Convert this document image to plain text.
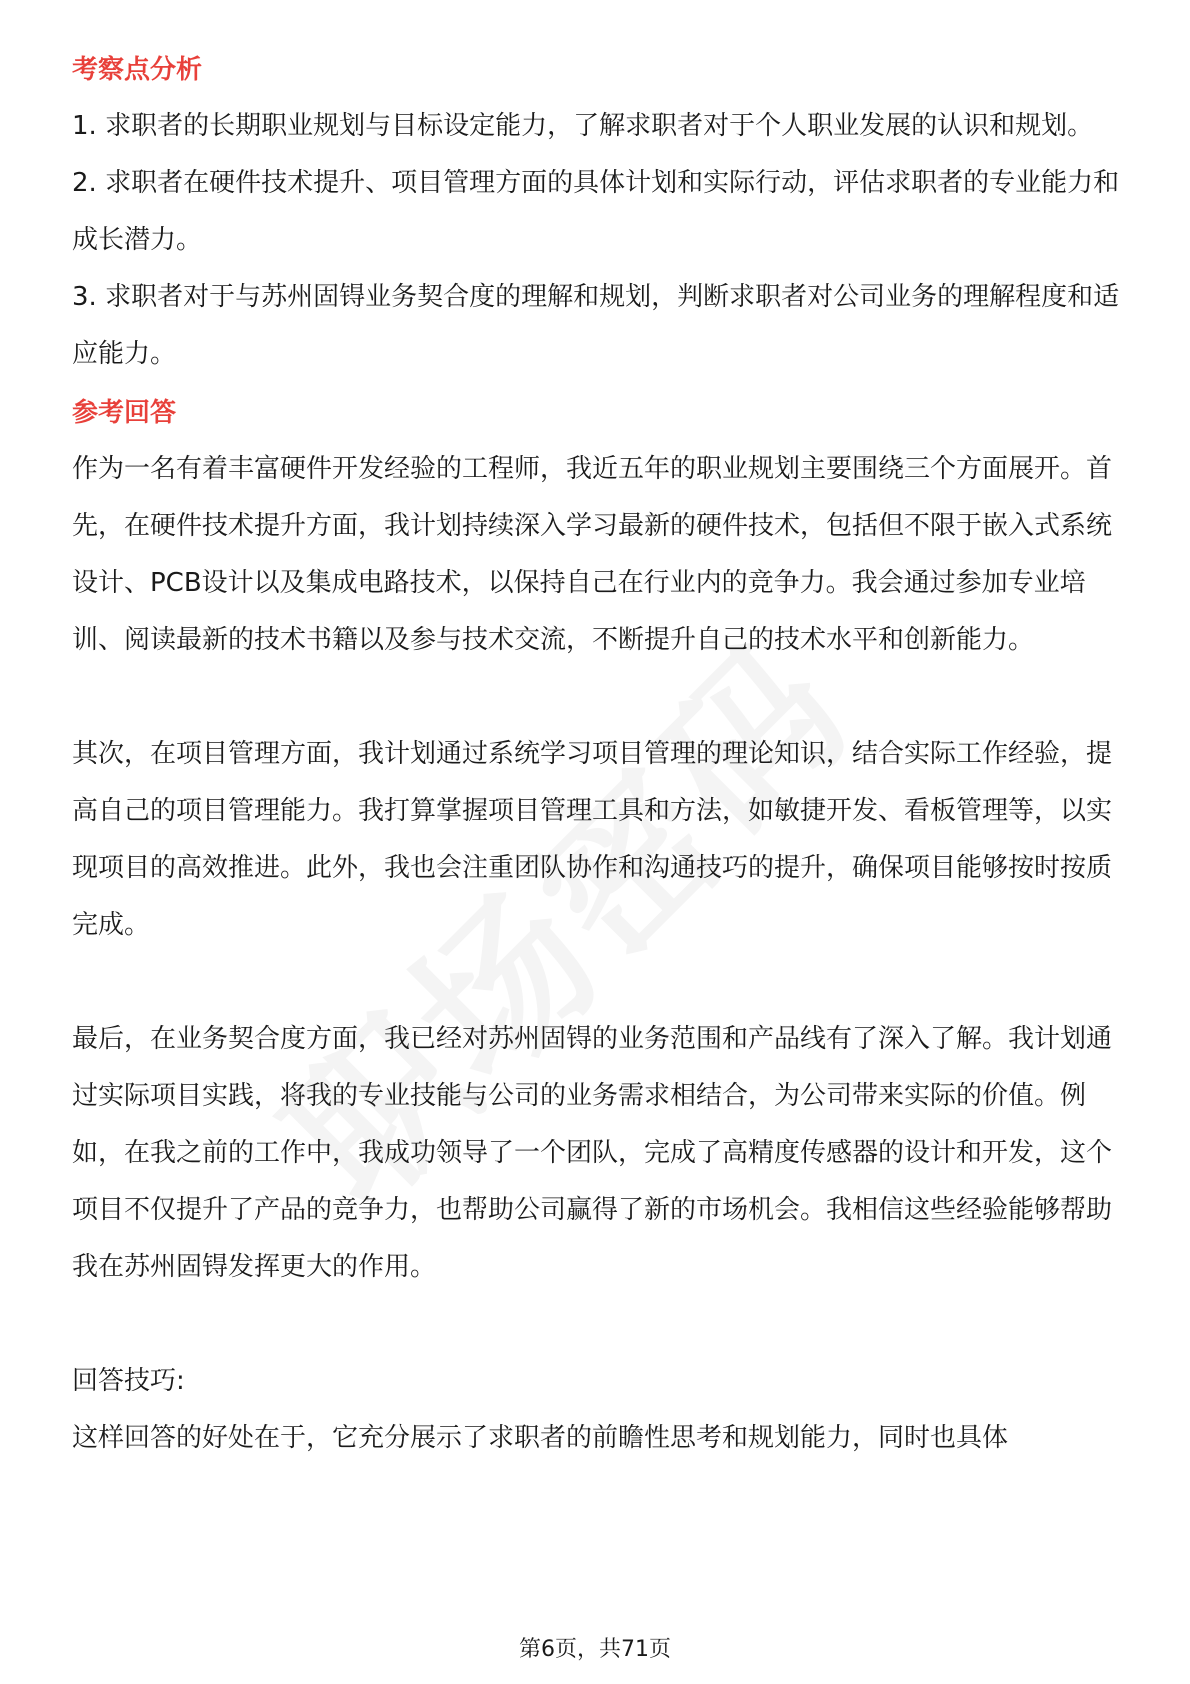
考察点分析

1. 求职者的长期职业规划与目标设定能力，了解求职者对于个人职业发展的认识和规划。

2. 求职者在硬件技术提升、项目管理方面的具体计划和实际行动，评估求职者的专业能力和成长潜力。

3. 求职者对于与苏州固锝业务契合度的理解和规划，判断求职者对公司业务的理解程度和适应能力。

参考回答

作为一名有着丰富硬件开发经验的工程师，我近五年的职业规划主要围绕三个方面展开。首先，在硬件技术提升方面，我计划持续深入学习最新的硬件技术，包括但不限于嵌入式系统设计、PCB设计以及集成电路技术，以保持自己在行业内的竞争力。我会通过参加专业培训、阅读最新的技术书籍以及参与技术交流，不断提升自己的技术水平和创新能力。

其次，在项目管理方面，我计划通过系统学习项目管理的理论知识，结合实际工作经验，提高自己的项目管理能力。我打算掌握项目管理工具和方法，如敏捷开发、看板管理等，以实现项目的高效推进。此外，我也会注重团队协作和沟通技巧的提升，确保项目能够按时按质完成。

最后，在业务契合度方面，我已经对苏州固锝的业务范围和产品线有了深入了解。我计划通过实际项目实践，将我的专业技能与公司的业务需求相结合，为公司带来实际的价值。例如，在我之前的工作中，我成功领导了一个团队，完成了高精度传感器的设计和开发，这个项目不仅提升了产品的竞争力，也帮助公司赢得了新的市场机会。我相信这些经验能够帮助我在苏州固锝发挥更大的作用。

回答技巧:

这样回答的好处在于，它充分展示了求职者的前瞻性思考和规划能力，同时也具体

第6页，共71页
